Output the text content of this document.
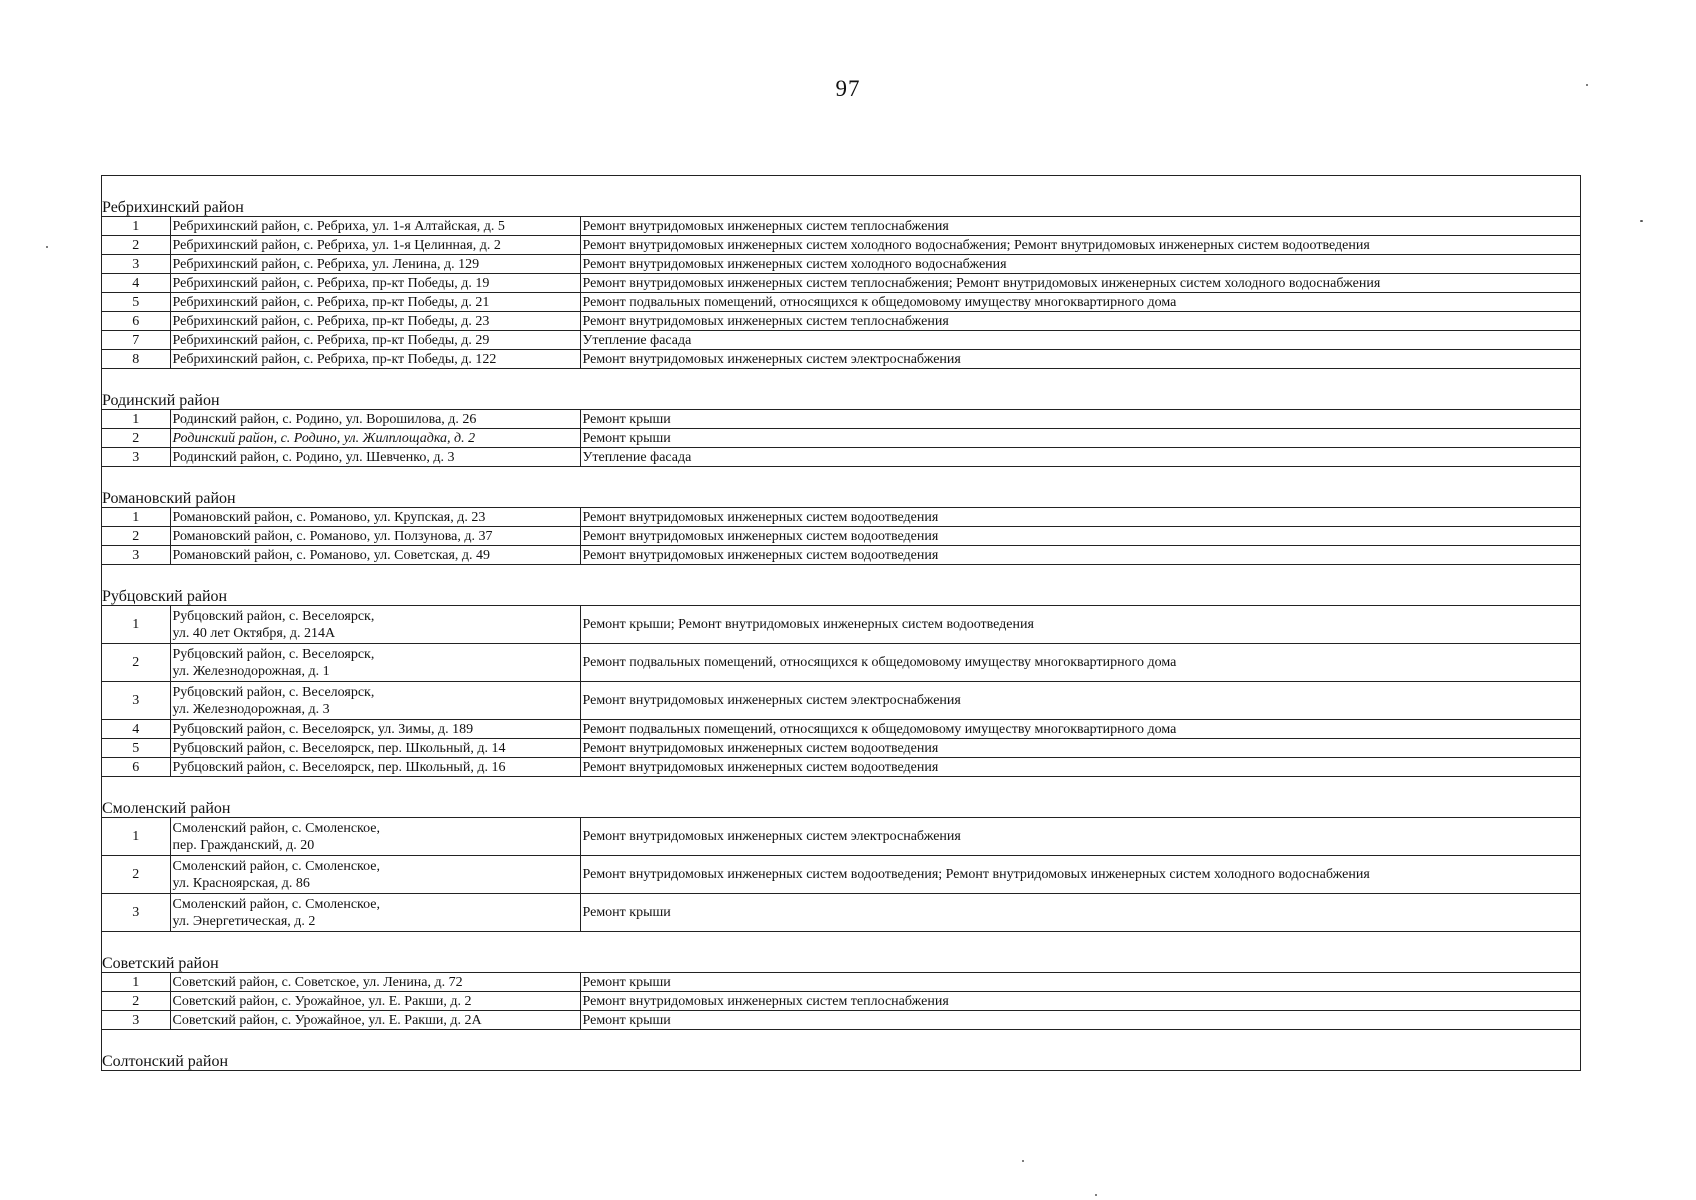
97

Ребрихинский район		
1	Ребрихинский район, с. Ребриха, ул. 1-я Алтайская, д. 5	Ремонт внутридомовых инженерных систем теплоснабжения
2	Ребрихинский район, с. Ребриха, ул. 1-я Целинная, д. 2	Ремонт внутридомовых инженерных систем холодного водоснабжения; Ремонт внутридомовых инженерных систем водоотведения
3	Ребрихинский район, с. Ребриха, ул. Ленина, д. 129	Ремонт внутридомовых инженерных систем холодного водоснабжения
4	Ребрихинский район, с. Ребриха, пр-кт Победы, д. 19	Ремонт внутридомовых инженерных систем теплоснабжения; Ремонт внутридомовых инженерных систем холодного водоснабжения
5	Ребрихинский район, с. Ребриха, пр-кт Победы, д. 21	Ремонт подвальных помещений, относящихся к общедомовому имуществу многоквартирного дома
6	Ребрихинский район, с. Ребриха, пр-кт Победы, д. 23	Ремонт внутридомовых инженерных систем теплоснабжения
7	Ребрихинский район, с. Ребриха, пр-кт Победы, д. 29	Утепление фасада
8	Ребрихинский район, с. Ребриха, пр-кт Победы, д. 122	Ремонт внутридомовых инженерных систем электроснабжения

Родинский район		
1	Родинский район, с. Родино, ул. Ворошилова, д. 26	Ремонт крыши
2	Родинский район, с. Родино, ул. Жилплощадка, д. 2	Ремонт крыши
3	Родинский район, с. Родино, ул. Шевченко, д. 3	Утепление фасада

Романовский район		
1	Романовский район, с. Романово, ул. Крупская, д. 23	Ремонт внутридомовых инженерных систем водоотведения
2	Романовский район, с. Романово, ул. Ползунова, д. 37	Ремонт внутридомовых инженерных систем водоотведения
3	Романовский район, с. Романово, ул. Советская, д. 49	Ремонт внутридомовых инженерных систем водоотведения

Рубцовский район		
1	Рубцовский район, с. Веселоярск,
ул. 40 лет Октября, д. 214А	Ремонт крыши; Ремонт внутридомовых инженерных систем водоотведения
2	Рубцовский район, с. Веселоярск,
ул. Железнодорожная, д. 1	Ремонт подвальных помещений, относящихся к общедомовому имуществу многоквартирного дома
3	Рубцовский район, с. Веселоярск,
ул. Железнодорожная, д. 3	Ремонт внутридомовых инженерных систем электроснабжения
4	Рубцовский район, с. Веселоярск, ул. Зимы, д. 189	Ремонт подвальных помещений, относящихся к общедомовому имуществу многоквартирного дома
5	Рубцовский район, с. Веселоярск, пер. Школьный, д. 14	Ремонт внутридомовых инженерных систем водоотведения
6	Рубцовский район, с. Веселоярск, пер. Школьный, д. 16	Ремонт внутридомовых инженерных систем водоотведения

Смоленский район		
1	Смоленский район, с. Смоленское,
пер. Гражданский, д. 20	Ремонт внутридомовых инженерных систем электроснабжения
2	Смоленский район, с. Смоленское,
ул. Красноярская, д. 86	Ремонт внутридомовых инженерных систем водоотведения; Ремонт внутридомовых инженерных систем холодного водоснабжения
3	Смоленский район, с. Смоленское,
ул. Энергетическая, д. 2	Ремонт крыши

Советский район		
1	Советский район, с. Советское, ул. Ленина, д. 72	Ремонт крыши
2	Советский район, с. Урожайное, ул. Е. Ракши, д. 2	Ремонт внутридомовых инженерных систем теплоснабжения
3	Советский район, с. Урожайное, ул. Е. Ракши, д. 2А	Ремонт крыши

Солтонский район		
